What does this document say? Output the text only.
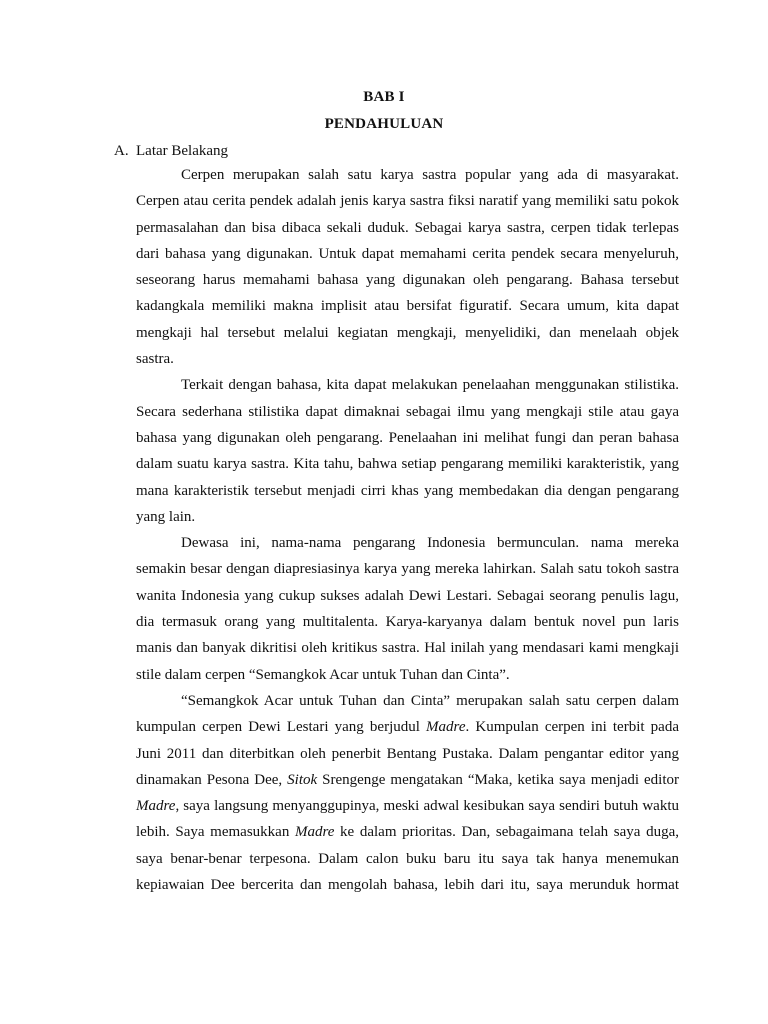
BAB I
PENDAHULUAN
A. Latar Belakang
Cerpen merupakan salah satu karya sastra popular yang ada di masyarakat.
Cerpen atau cerita pendek adalah jenis karya sastra fiksi naratif yang memiliki satu pokok
permasalahan dan bisa dibaca sekali duduk. Sebagai karya sastra, cerpen tidak terlepas
dari bahasa yang digunakan. Untuk dapat memahami cerita pendek secara menyeluruh,
seseorang harus memahami bahasa yang digunakan oleh pengarang. Bahasa tersebut
kadangkala memiliki makna implisit atau bersifat figuratif. Secara umum, kita dapat
mengkaji hal tersebut melalui kegiatan mengkaji, menyelidiki, dan menelaah objek
sastra.
Terkait dengan bahasa, kita dapat melakukan penelaahan menggunakan stilistika.
Secara sederhana stilistika dapat dimaknai sebagai ilmu yang mengkaji stile atau gaya
bahasa yang digunakan oleh pengarang. Penelaahan ini melihat fungi dan peran bahasa
dalam suatu karya sastra. Kita tahu, bahwa setiap pengarang memiliki karakteristik, yang
mana karakteristik tersebut menjadi cirri khas yang membedakan dia dengan pengarang
yang lain.
Dewasa ini, nama-nama pengarang Indonesia bermunculan. nama mereka
semakin besar dengan diapresiasinya karya yang mereka lahirkan. Salah satu tokoh sastra
wanita Indonesia yang cukup sukses adalah Dewi Lestari. Sebagai seorang penulis lagu,
dia termasuk orang yang multitalenta. Karya-karyanya dalam bentuk novel pun laris
manis dan banyak dikritisi oleh kritikus sastra. Hal inilah yang mendasari kami mengkaji
stile dalam cerpen “Semangkok Acar untuk Tuhan dan Cinta”.
“Semangkok Acar untuk Tuhan dan Cinta” merupakan salah satu cerpen dalam
kumpulan cerpen Dewi Lestari yang berjudul Madre. Kumpulan cerpen ini terbit pada
Juni 2011 dan diterbitkan oleh penerbit Bentang Pustaka. Dalam pengantar editor yang
dinamakan Pesona Dee, Sitok Srengenge mengatakan “Maka, ketika saya menjadi editor
Madre, saya langsung menyanggupinya, meski adwal kesibukan saya sendiri butuh waktu
lebih. Saya memasukkan Madre ke dalam prioritas. Dan, sebagaimana telah saya duga,
saya benar-benar terpesona. Dalam calon buku baru itu saya tak hanya menemukan
kepiawaian Dee bercerita dan mengolah bahasa, lebih dari itu, saya merunduk hormat
